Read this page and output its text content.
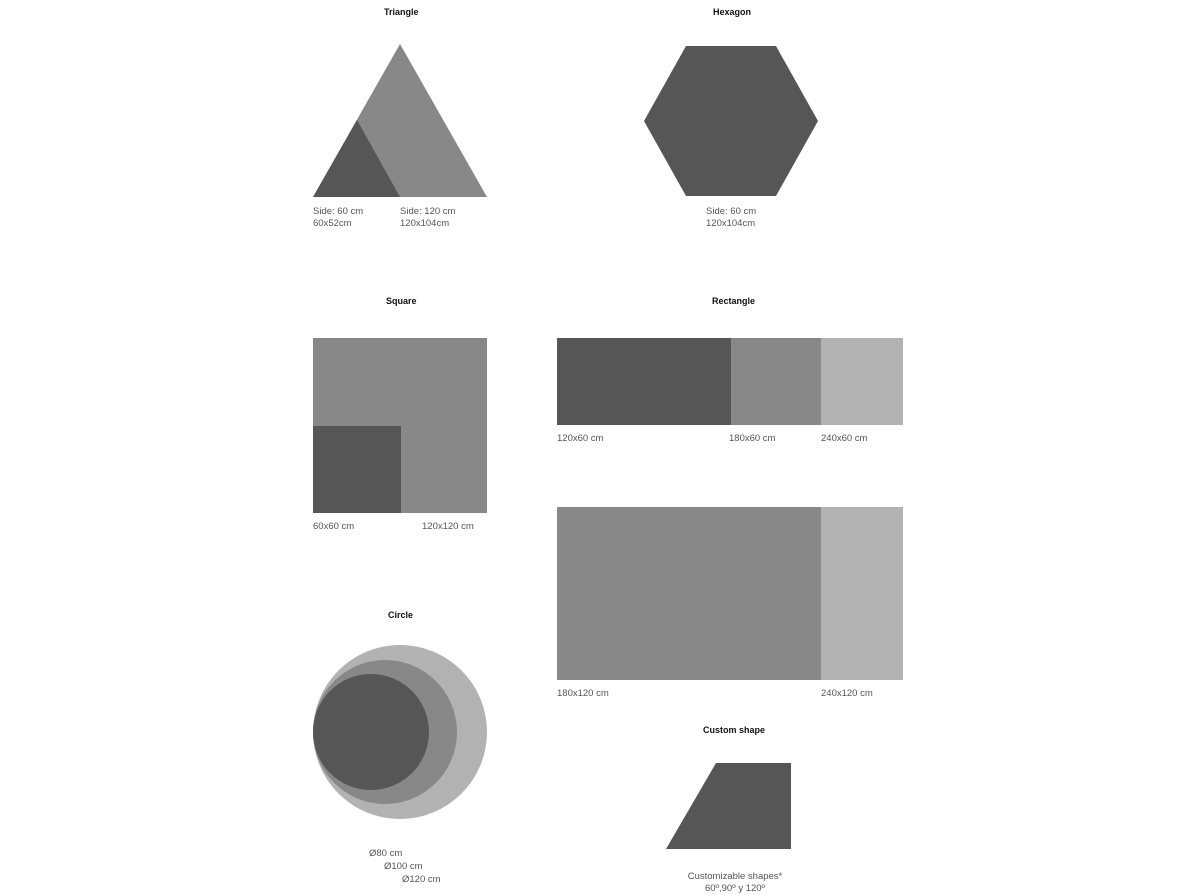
Triangle
Side: 60 cm
60x52cm
Side: 120 cm
120x104cm
Hexagon
Side: 60 cm
120x104cm
Square
60x60 cm	120x120 cm
Rectangle
120x60 cm	180x60 cm	240x60 cm
180x120 cm	240x120 cm
Circle
Ø80 cm
Ø100 cm
Ø120 cm
Custom shape
Customizable shapes*
60º,90º y 120º
